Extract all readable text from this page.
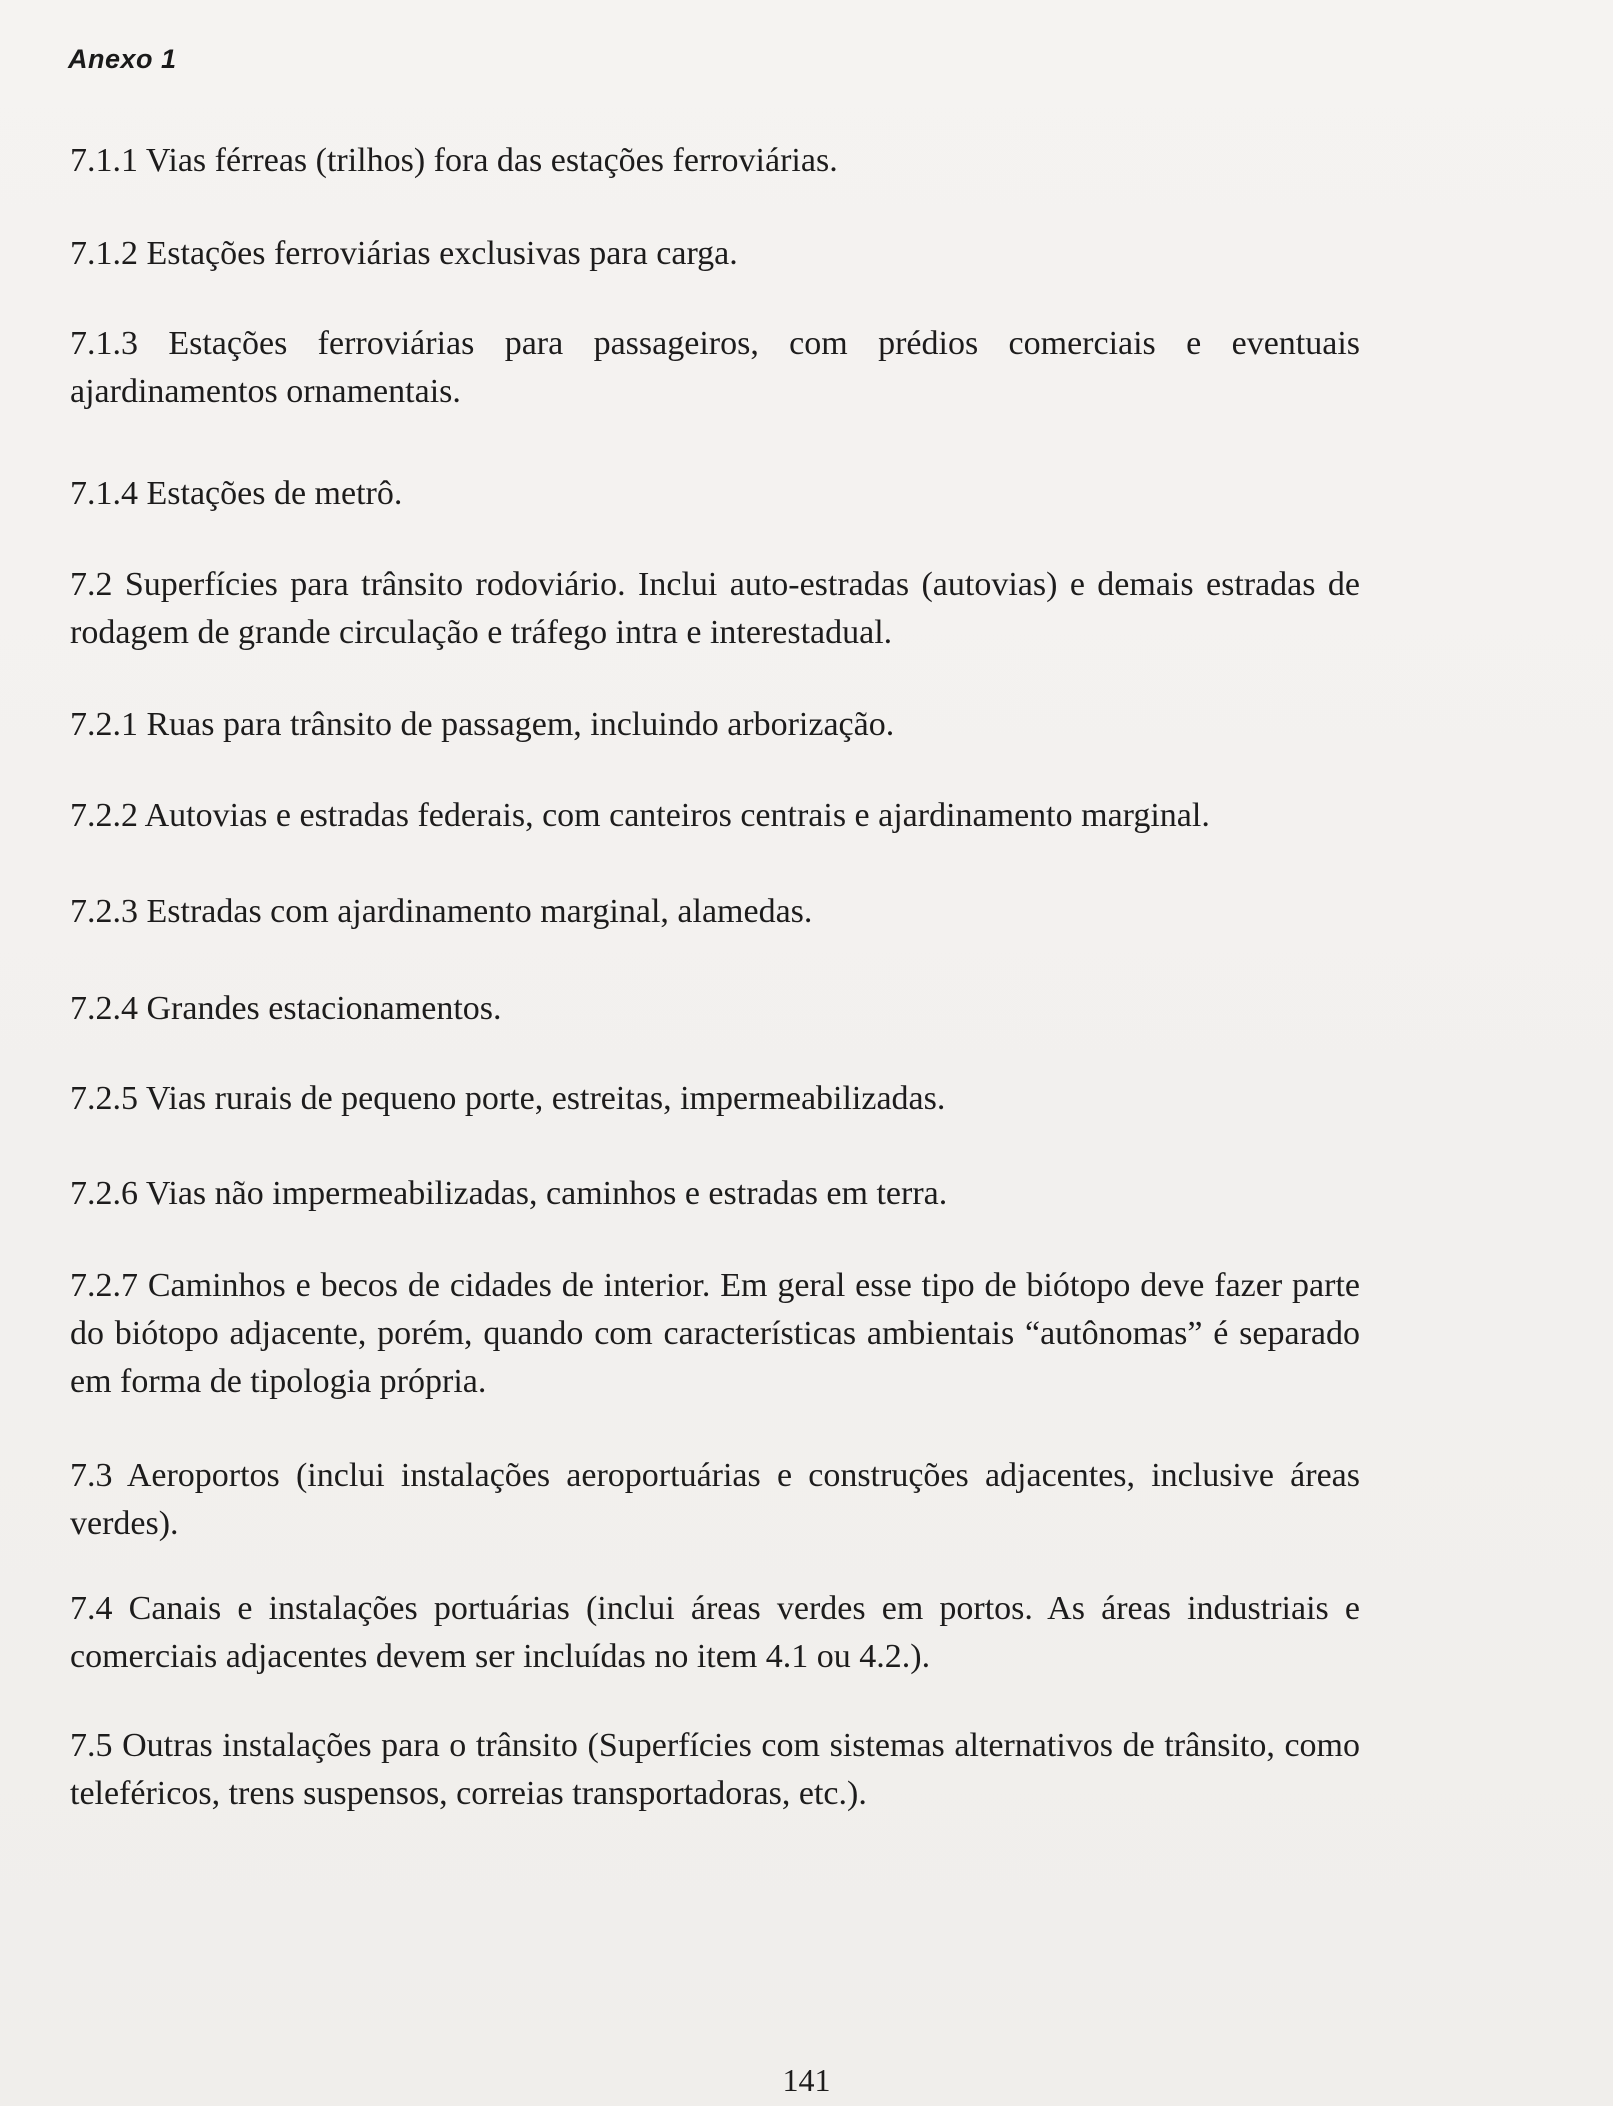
Anexo 1

7.1.1 Vias férreas (trilhos) fora das estações ferroviárias.

7.1.2 Estações ferroviárias exclusivas para carga.

7.1.3 Estações ferroviárias para passageiros, com prédios comerciais e eventuais ajardinamentos ornamentais.

7.1.4 Estações de metrô.

7.2 Superfícies para trânsito rodoviário. Inclui auto-estradas (autovias) e demais estradas de rodagem de grande circulação e tráfego intra e interestadual.

7.2.1 Ruas para trânsito de passagem, incluindo arborização.

7.2.2 Autovias e estradas federais, com canteiros centrais e ajardinamento marginal.

7.2.3 Estradas com ajardinamento marginal, alamedas.

7.2.4 Grandes estacionamentos.

7.2.5 Vias rurais de pequeno porte, estreitas, impermeabilizadas.

7.2.6 Vias não impermeabilizadas, caminhos e estradas em terra.

7.2.7 Caminhos e becos de cidades de interior. Em geral esse tipo de biótopo deve fazer parte do biótopo adjacente, porém, quando com características ambientais “autônomas” é separado em forma de tipologia própria.

7.3 Aeroportos (inclui instalações aeroportuárias e construções adjacentes, inclusive áreas verdes).

7.4 Canais e instalações portuárias (inclui áreas verdes em portos. As áreas industriais e comerciais adjacentes devem ser incluídas no item 4.1 ou 4.2.).

7.5 Outras instalações para o trânsito (Superfícies com sistemas alternativos de trânsito, como teleféricos, trens suspensos, correias transportadoras, etc.).

141
